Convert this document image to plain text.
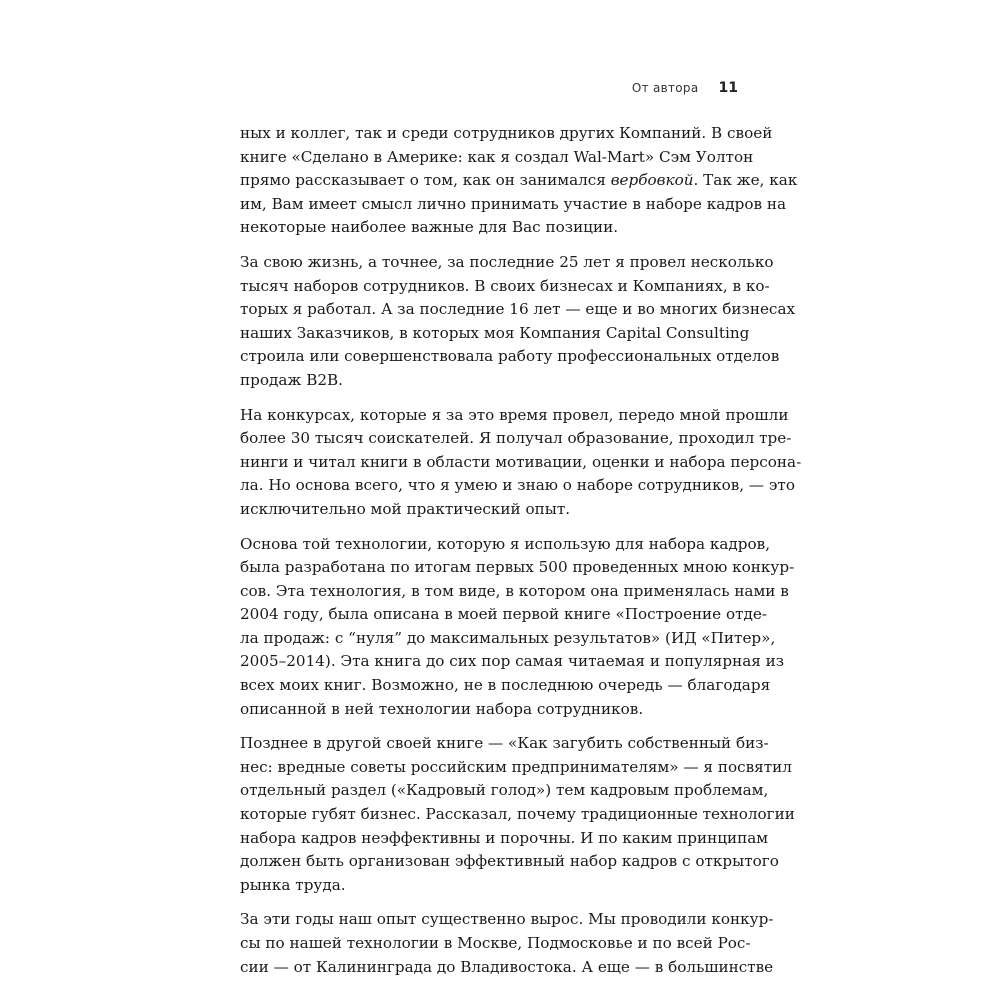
От автора 11
ных и коллег, так и среди сотрудников других Компаний. В своей
книге «Сделано в Америке: как я создал Wal-Mart» Сэм Уолтон
прямо рассказывает о том, как он занимался вербовкой. Так же, как
им, Вам имеет смысл лично принимать участие в наборе кадров на
некоторые наиболее важные для Вас позиции.
За свою жизнь, а точнее, за последние 25 лет я провел несколько
тысяч наборов сотрудников. В своих бизнесах и Компаниях, в ко-
торых я работал. А за последние 16 лет — еще и во многих бизнесах
наших Заказчиков, в которых моя Компания Capital Consulting
строила или совершенствовала работу профессиональных отделов
продаж B2B.
На конкурсах, которые я за это время провел, передо мной прошли
более 30 тысяч соискателей. Я получал образование, проходил тре-
нинги и читал книги в области мотивации, оценки и набора персона-
ла. Но основа всего, что я умею и знаю о наборе сотрудников, — это
исключительно мой практический опыт.
Основа той технологии, которую я использую для набора кадров,
была разработана по итогам первых 500 проведенных мною конкур-
сов. Эта технология, в том виде, в котором она применялась нами в
2004 году, была описана в моей первой книге «Построение отде-
ла продаж: с “нуля” до максимальных результатов» (ИД «Питер»,
2005–2014). Эта книга до сих пор самая читаемая и популярная из
всех моих книг. Возможно, не в последнюю очередь — благодаря
описанной в ней технологии набора сотрудников.
Позднее в другой своей книге — «Как загубить собственный биз-
нес: вредные советы российским предпринимателям» — я посвятил
отдельный раздел («Кадровый голод») тем кадровым проблемам,
которые губят бизнес. Рассказал, почему традиционные технологии
набора кадров неэффективны и порочны. И по каким принципам
должен быть организован эффективный набор кадров с открытого
рынка труда.
За эти годы наш опыт существенно вырос. Мы проводили конкур-
сы по нашей технологии в Москве, Подмосковье и по всей Рос-
сии — от Калининграда до Владивостока. А еще — в большинстве
